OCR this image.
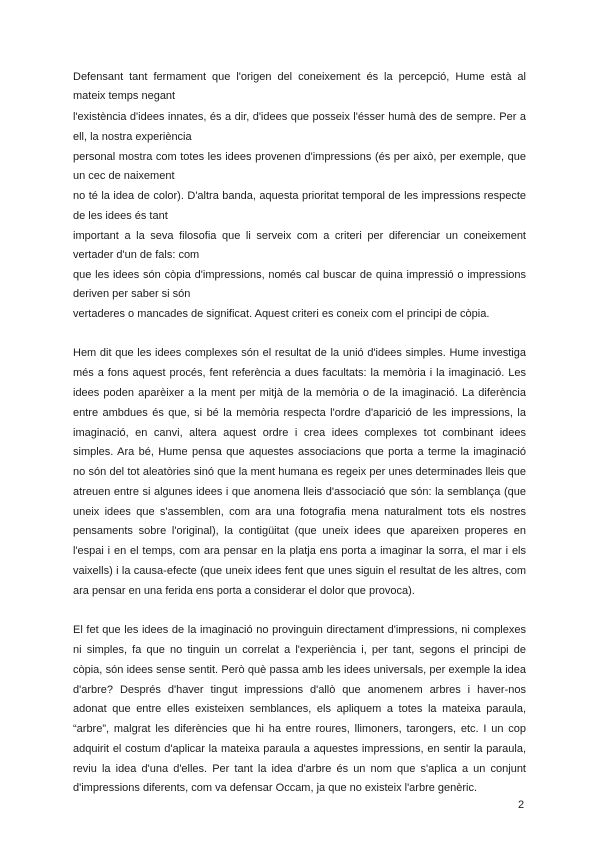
Defensant tant fermament que l'origen del coneixement és la percepció, Hume està al
mateix temps negant
l'existència d'idees innates, és a dir, d'idees que posseix l'ésser humà des de sempre. Per a
ell, la nostra experiència
personal mostra com totes les idees provenen d'impressions (és per això, per exemple, que
un cec de naixement
no té la idea de color). D'altra banda, aquesta prioritat temporal de les impressions respecte
de les idees és tant
important a la seva filosofia que li serveix com a criteri per diferenciar un coneixement
vertader d'un de fals: com
que les idees són còpia d'impressions, només cal buscar de quina impressió o impressions
deriven per saber si són
vertaderes o mancades de significat. Aquest criteri es coneix com el principi de còpia.
Hem dit que les idees complexes són el resultat de la unió d'idees simples. Hume investiga
més a fons aquest procés, fent referència a dues facultats: la memòria i la imaginació. Les
idees poden aparèixer a la ment per mitjà de la memòria o de la imaginació. La diferència
entre ambdues és que, si bé la memòria respecta l'ordre d'aparició de les impressions, la
imaginació, en canvi, altera aquest ordre i crea idees complexes tot combinant idees
simples. Ara bé, Hume pensa que aquestes associacions que porta a terme la imaginació
no són del tot aleatòries sinó que la ment humana es regeix per unes determinades lleis que
atreuen entre si algunes idees i que anomena lleis d'associació que són: la semblança (que
uneix idees que s'assemblen, com ara una fotografia mena naturalment tots els nostres
pensaments sobre l'original), la contigüitat (que uneix idees que apareixen properes en
l'espai i en el temps, com ara pensar en la platja ens porta a imaginar la sorra, el mar i els
vaixells) i la causa-efecte (que uneix idees fent que unes siguin el resultat de les altres, com
ara pensar en una ferida ens porta a considerar el dolor que provoca).
El fet que les idees de la imaginació no provinguin directament d'impressions, ni complexes
ni simples, fa que no tinguin un correlat a l'experiència i, per tant, segons el principi de
còpia, són idees sense sentit. Però què passa amb les idees universals, per exemple la idea
d'arbre? Després d'haver tingut impressions d'allò que anomenem arbres i haver-nos
adonat que entre elles existeixen semblances, els apliquem a totes la mateixa paraula,
“arbre”, malgrat les diferències que hi ha entre roures, llimoners, tarongers, etc. I un cop
adquirit el costum d'aplicar la mateixa paraula a aquestes impressions, en sentir la paraula,
reviu la idea d'una d'elles. Per tant la idea d'arbre és un nom que s'aplica a un conjunt
d'impressions diferents, com va defensar Occam, ja que no existeix l'arbre genèric.
2
